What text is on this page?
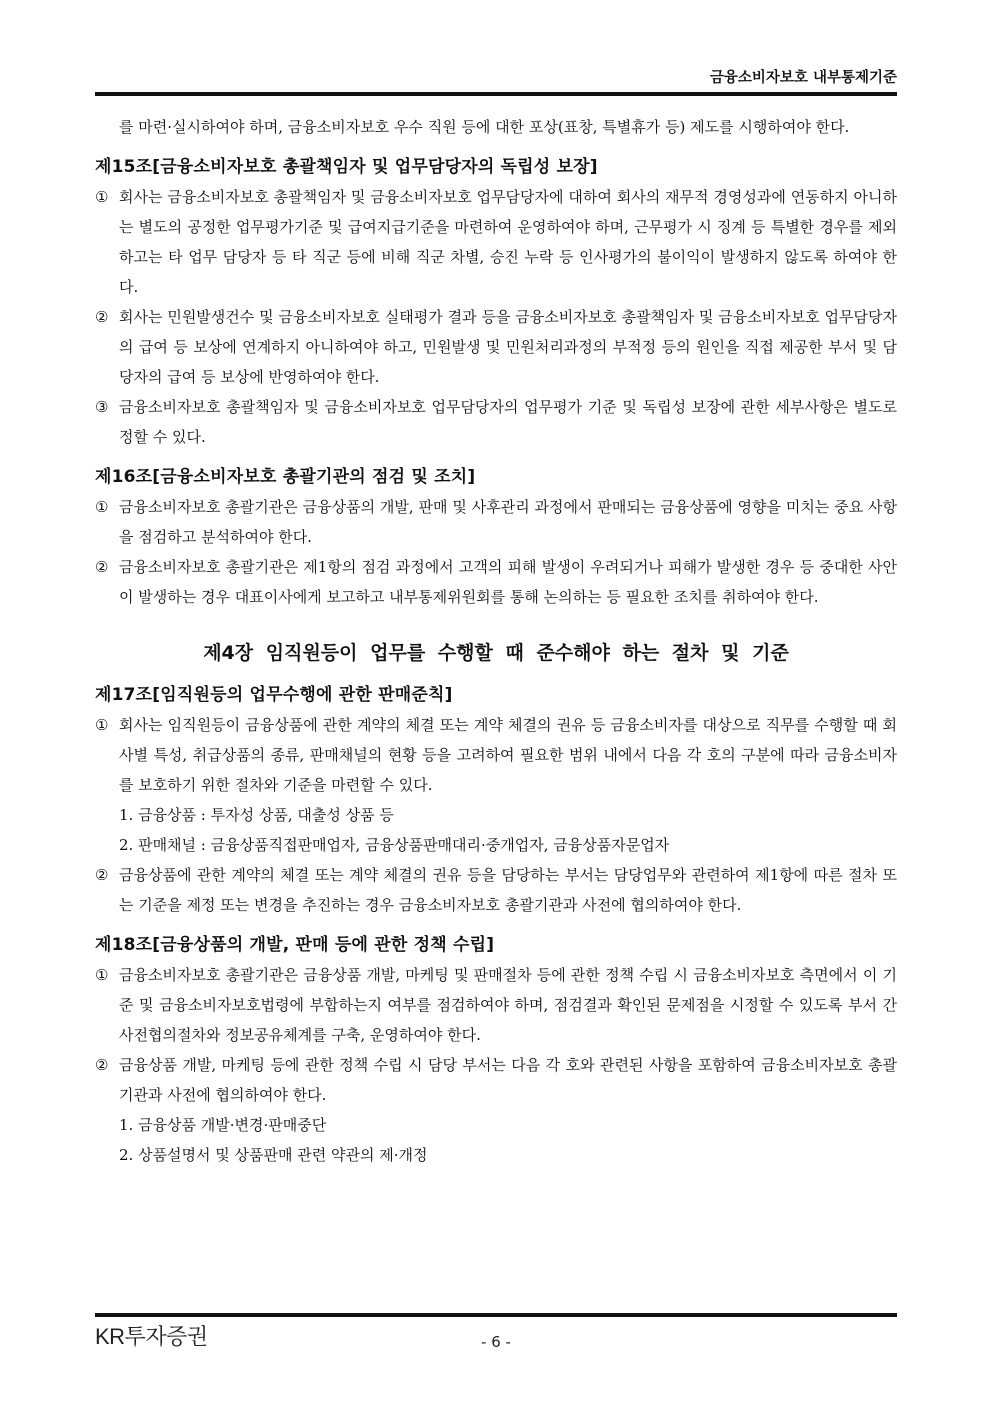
금융소비자보호 내부통제기준

를 마련·실시하여야 하며, 금융소비자보호 우수 직원 등에 대한 포상(표창, 특별휴가 등) 제도를 시행하여야 한다.

제15조[금융소비자보호 총괄책임자 및 업무담당자의 독립성 보장]

① 회사는 금융소비자보호 총괄책임자 및 금융소비자보호 업무담당자에 대하여 회사의 재무적 경영성과에 연동하지 아니하는 별도의 공정한 업무평가기준 및 급여지급기준을 마련하여 운영하여야 하며, 근무평가 시 징계 등 특별한 경우를 제외하고는 타 업무 담당자 등 타 직군 등에 비해 직군 차별, 승진 누락 등 인사평가의 불이익이 발생하지 않도록 하여야 한다.

② 회사는 민원발생건수 및 금융소비자보호 실태평가 결과 등을 금융소비자보호 총괄책임자 및 금융소비자보호 업무담당자의 급여 등 보상에 연계하지 아니하여야 하고, 민원발생 및 민원처리과정의 부적정 등의 원인을 직접 제공한 부서 및 담당자의 급여 등 보상에 반영하여야 한다.

③ 금융소비자보호 총괄책임자 및 금융소비자보호 업무담당자의 업무평가 기준 및 독립성 보장에 관한 세부사항은 별도로 정할 수 있다.

제16조[금융소비자보호 총괄기관의 점검 및 조치]

① 금융소비자보호 총괄기관은 금융상품의 개발, 판매 및 사후관리 과정에서 판매되는 금융상품에 영향을 미치는 중요 사항을 점검하고 분석하여야 한다.

② 금융소비자보호 총괄기관은 제1항의 점검 과정에서 고객의 피해 발생이 우려되거나 피해가 발생한 경우 등 중대한 사안이 발생하는 경우 대표이사에게 보고하고 내부통제위원회를 통해 논의하는 등 필요한 조치를 취하여야 한다.

제4장 임직원등이 업무를 수행할 때 준수해야 하는 절차 및 기준
제17조[임직원등의 업무수행에 관한 판매준칙]

① 회사는 임직원등이 금융상품에 관한 계약의 체결 또는 계약 체결의 권유 등 금융소비자를 대상으로 직무를 수행할 때 회사별 특성, 취급상품의 종류, 판매채널의 현황 등을 고려하여 필요한 범위 내에서 다음 각 호의 구분에 따라 금융소비자를 보호하기 위한 절차와 기준을 마련할 수 있다.

1. 금융상품 : 투자성 상품, 대출성 상품 등

2. 판매채널 : 금융상품직접판매업자, 금융상품판매대리·중개업자, 금융상품자문업자

② 금융상품에 관한 계약의 체결 또는 계약 체결의 권유 등을 담당하는 부서는 담당업무와 관련하여 제1항에 따른 절차 또는 기준을 제정 또는 변경을 추진하는 경우 금융소비자보호 총괄기관과 사전에 협의하여야 한다.

제18조[금융상품의 개발, 판매 등에 관한 정책 수립]

① 금융소비자보호 총괄기관은 금융상품 개발, 마케팅 및 판매절차 등에 관한 정책 수립 시 금융소비자보호 측면에서 이 기준 및 금융소비자보호법령에 부합하는지 여부를 점검하여야 하며, 점검결과 확인된 문제점을 시정할 수 있도록 부서 간 사전협의절차와 정보공유체계를 구축, 운영하여야 한다.

② 금융상품 개발, 마케팅 등에 관한 정책 수립 시 담당 부서는 다음 각 호와 관련된 사항을 포함하여 금융소비자보호 총괄기관과 사전에 협의하여야 한다.

1. 금융상품 개발·변경·판매중단

2. 상품설명서 및 상품판매 관련 약관의 제·개정

KR투자증권	- 6 -
